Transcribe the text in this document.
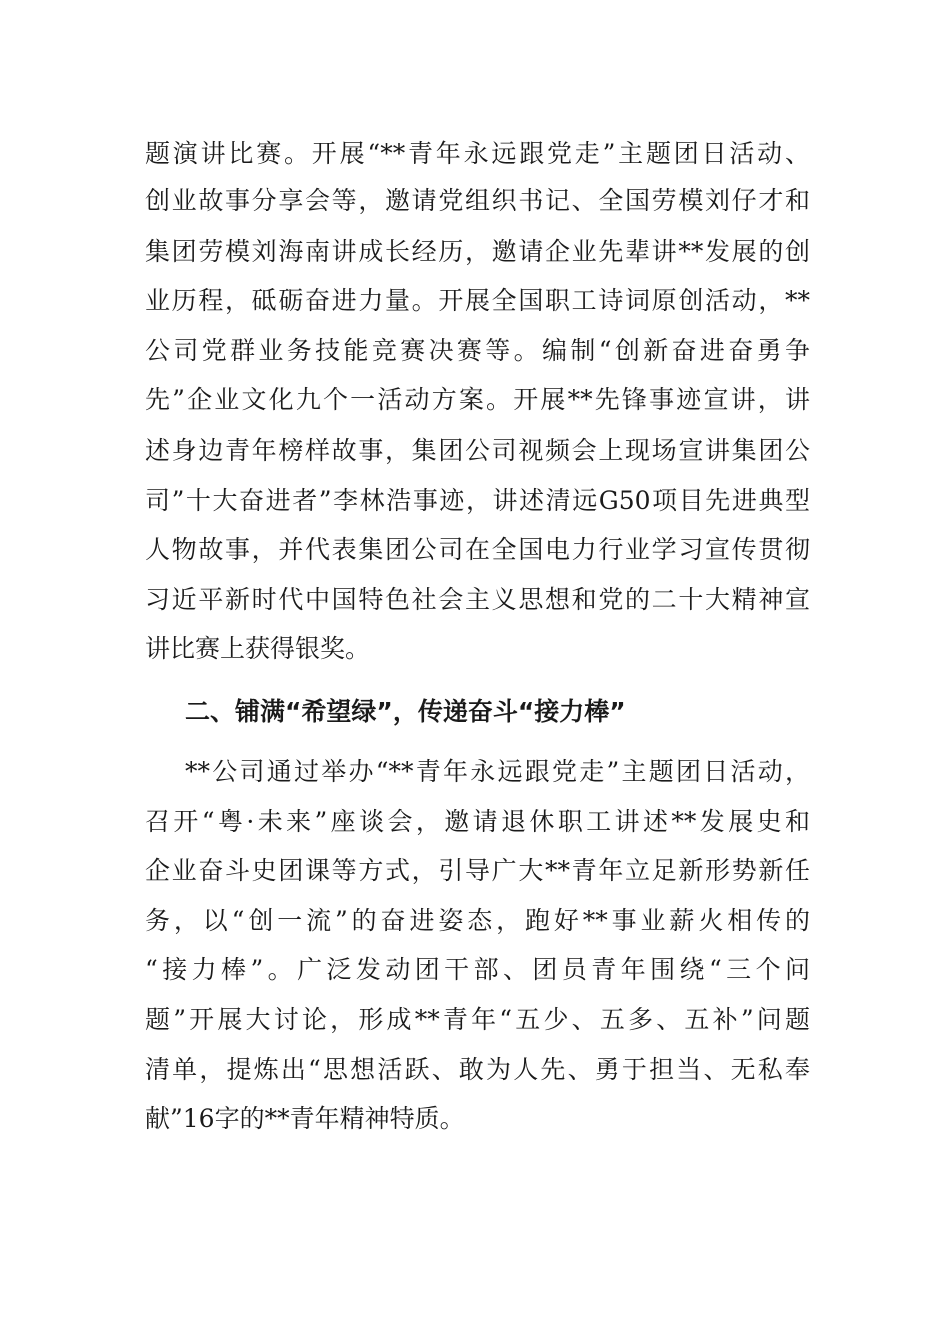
题演讲比赛。开展“**青年永远跟党走”主题团日活动、
创业故事分享会等，邀请党组织书记、全国劳模刘仔才和
集团劳模刘海南讲成长经历，邀请企业先辈讲**发展的创
业历程，砥砺奋进力量。开展全国职工诗词原创活动，**
公司党群业务技能竞赛决赛等。编制“创新奋进奋勇争
先”企业文化九个一活动方案。开展**先锋事迹宣讲，讲
述身边青年榜样故事，集团公司视频会上现场宣讲集团公
司”十大奋进者”李林浩事迹，讲述清远G50项目先进典型
人物故事，并代表集团公司在全国电力行业学习宣传贯彻
习近平新时代中国特色社会主义思想和党的二十大精神宣
讲比赛上获得银奖。
二、铺满“希望绿”，传递奋斗“接力棒”
**公司通过举办“**青年永远跟党走”主题团日活动，
召开“粤·未来”座谈会，邀请退休职工讲述**发展史和
企业奋斗史团课等方式，引导广大**青年立足新形势新任
务，以“创一流”的奋进姿态，跑好**事业薪火相传的
“接力棒”。广泛发动团干部、团员青年围绕“三个问
题”开展大讨论，形成**青年“五少、五多、五补”问题
清单，提炼出“思想活跃、敢为人先、勇于担当、无私奉
献”16字的**青年精神特质。
